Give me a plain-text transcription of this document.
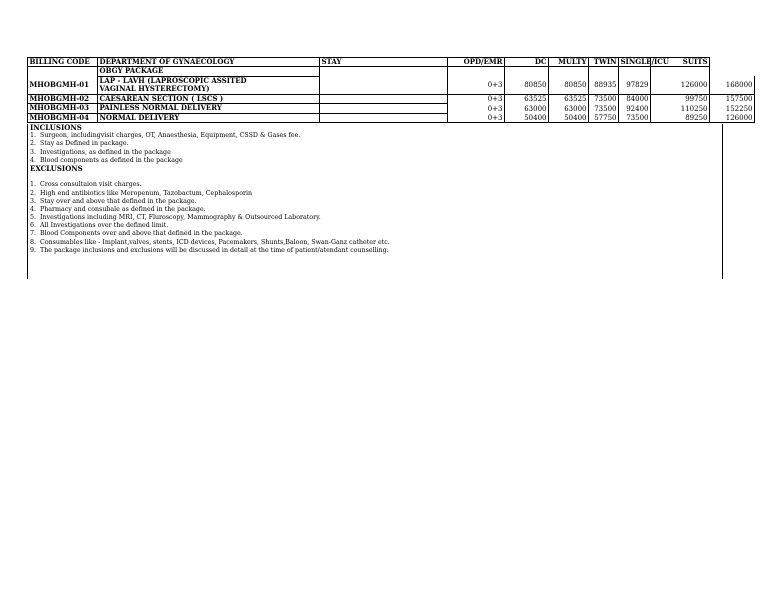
BILLING CODE	DEPARTMENT OF GYNAECOLOGY	STAY	OPD/EMR	DC	MULTY	TWIN	SINGLE/ICU	SUITS	
	OBGY PACKAGE								
MHOBGMH-01	LAP - LAVH (LAPROSCOPIC ASSITED		0+3	80850	80850	88935	97829	126000	168000
	VAGINAL HYSTERECTOMY)								
MHOBGMH-02	CAESAREAN SECTION ( LSCS )		0+3	63525	63525	73500	84000	99750	157500
MHOBGMH-03	PAINLESS NORMAL DELIVERY		0+3	63000	63000	73500	92400	110250	152250
MHOBGMH-04	NORMAL DELIVERY		0+3	50400	50400	57750	73500	89250	126000
INCLUSIONS
1. Surgeon, includingvisit charges, OT, Anaesthesia, Equipment, CSSD & Gases fee.
2. Stay as Defined in package.
3. Investigations, as defined in the package
4. Blood components as defined in the package
EXCLUSIONS
1. Cross consultaion visit charges.
2. High end antibiotics like Meropenum, Tazobactum, Cephalosporin
3. Stay over and above that defined in the package.
4. Pharmacy and consubale as defined in the package.
5. Investigations including MRI, CT, Fluroscopy, Mammography & Outsourced Laboratory.
6. All Investigations over the defined limit.
7. Blood Components over and above that defined in the package.
8. Consumables like - Implant,valves, stents, ICD devices, Pacemakers, Shunts,Baloon, Swan-Ganz catheter etc.
9. The package inclusions and exclusions will be discussed in detail at the time of patient/atendant counselling.
